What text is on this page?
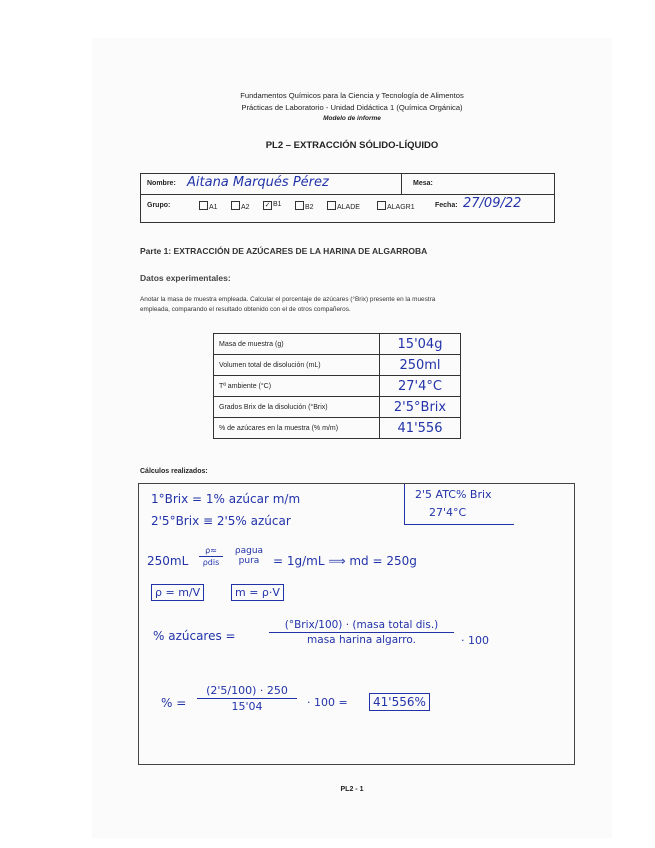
Fundamentos Químicos para la Ciencia y Tecnología de Alimentos
Prácticas de Laboratorio - Unidad Didáctica 1 (Química Orgánica)
Modelo de informe
PL2 – EXTRACCIÓN SÓLIDO-LÍQUIDO
Nombre: Aitana Marqués Pérez	Mesa:
Grupo:	A1	A2 ✓ B1	B2	ALADE	ALAGR1	Fecha: 27/09/22
Parte 1: EXTRACCIÓN DE AZÚCARES DE LA HARINA DE ALGARROBA
Datos experimentales:
Anotar la masa de muestra empleada. Calcular el porcentaje de azúcares (°Brix) presente en la muestra
empleada, comparando el resultado obtenido con el de otros compañeros.
Masa de muestra (g)	15'04g
Volumen total de disolución (mL)	250ml
Tª ambiente (°C)	27'4°C
Grados Brix de la disolución (°Brix)	2'5°Brix
% de azúcares en la muestra (% m/m)	41'556
Cálculos realizados:
1°Brix = 1% azúcar m/m
2'5°Brix ≡ 2'5% azúcar
2'5 ATC% Brix
27'4°C
250mL
ρ≈
ρdis
ρagua
pura	= 1g/mL ⟹ md = 250g
ρ = m/V	m = ρ·V
% azúcares =
(°Brix/100) · (masa total dis.)
masa harina algarro.	· 100
% =
(2'5/100) · 250
15'04	· 100 =	41'556%
PL2 - 1
